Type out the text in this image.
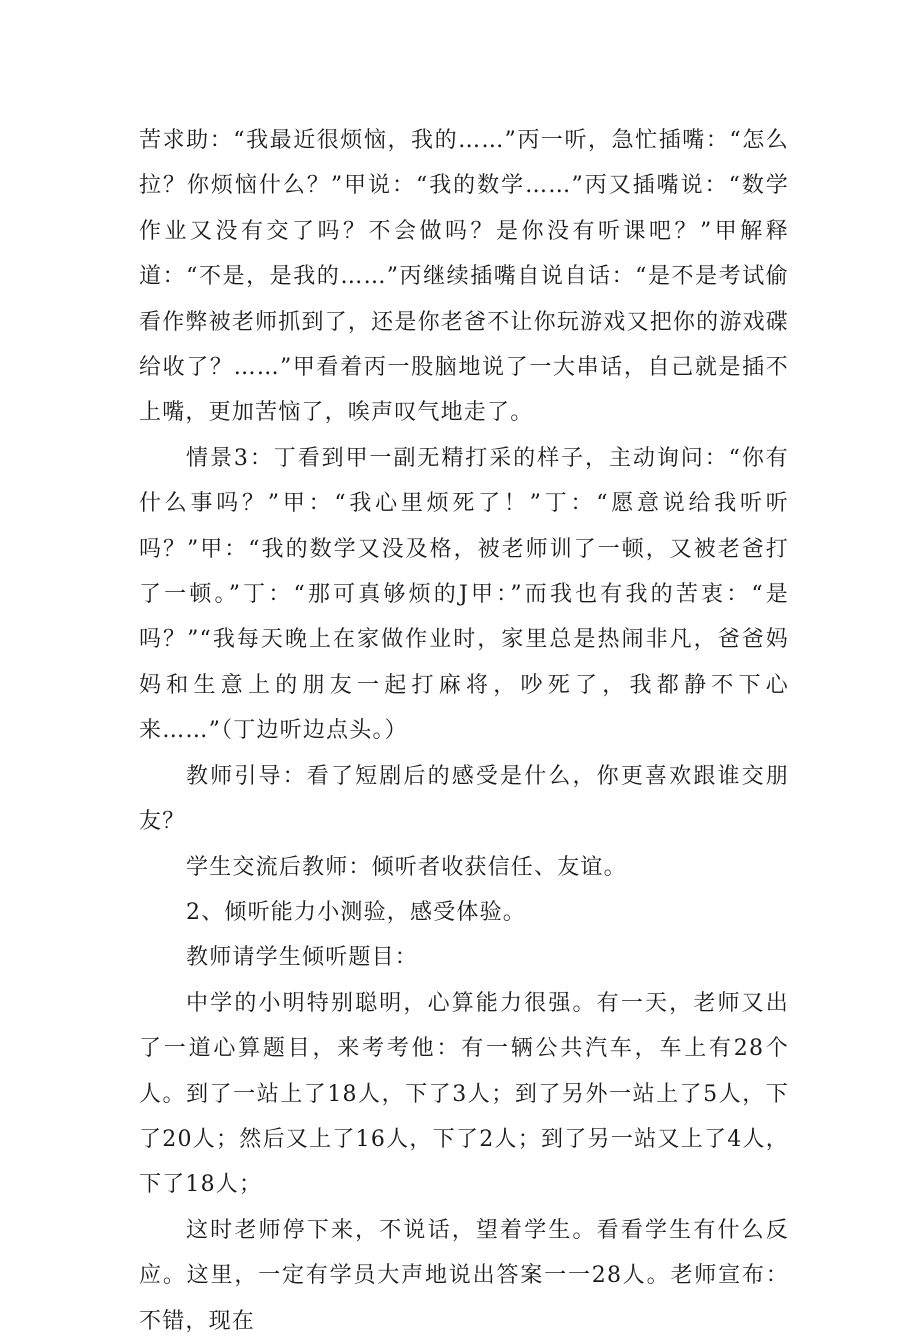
苦求助：“我最近很烦恼，我的……”丙一听，急忙插嘴：“怎么拉？你烦恼什么？”甲说：“我的数学……”丙又插嘴说：“数学作业又没有交了吗？不会做吗？是你没有听课吧？”甲解释道：“不是，是我的……”丙继续插嘴自说自话：“是不是考试偷看作弊被老师抓到了，还是你老爸不让你玩游戏又把你的游戏碟给收了？……”甲看着丙一股脑地说了一大串话，自己就是插不上嘴，更加苦恼了，唉声叹气地走了。

情景3：丁看到甲一副无精打采的样子，主动询问：“你有什么事吗？”甲：“我心里烦死了！”丁：“愿意说给我听听吗？”甲：“我的数学又没及格，被老师训了一顿，又被老爸打了一顿。”丁：“那可真够烦的J甲：”而我也有我的苦衷：“是吗？”“我每天晚上在家做作业时，家里总是热闹非凡，爸爸妈妈和生意上的朋友一起打麻将，吵死了，我都静不下心来……”（丁边听边点头。）

教师引导：看了短剧后的感受是什么，你更喜欢跟谁交朋友？

学生交流后教师：倾听者收获信任、友谊。

2、倾听能力小测验，感受体验。

教师请学生倾听题目：

中学的小明特别聪明，心算能力很强。有一天，老师又出了一道心算题目，来考考他：有一辆公共汽车，车上有28个人。到了一站上了18人，下了3人；到了另外一站上了5人，下了20人；然后又上了16人，下了2人；到了另一站又上了4人，下了18人；

这时老师停下来，不说话，望着学生。看看学生有什么反应。这里，一定有学员大声地说出答案一一28人。老师宣布：不错，现在
